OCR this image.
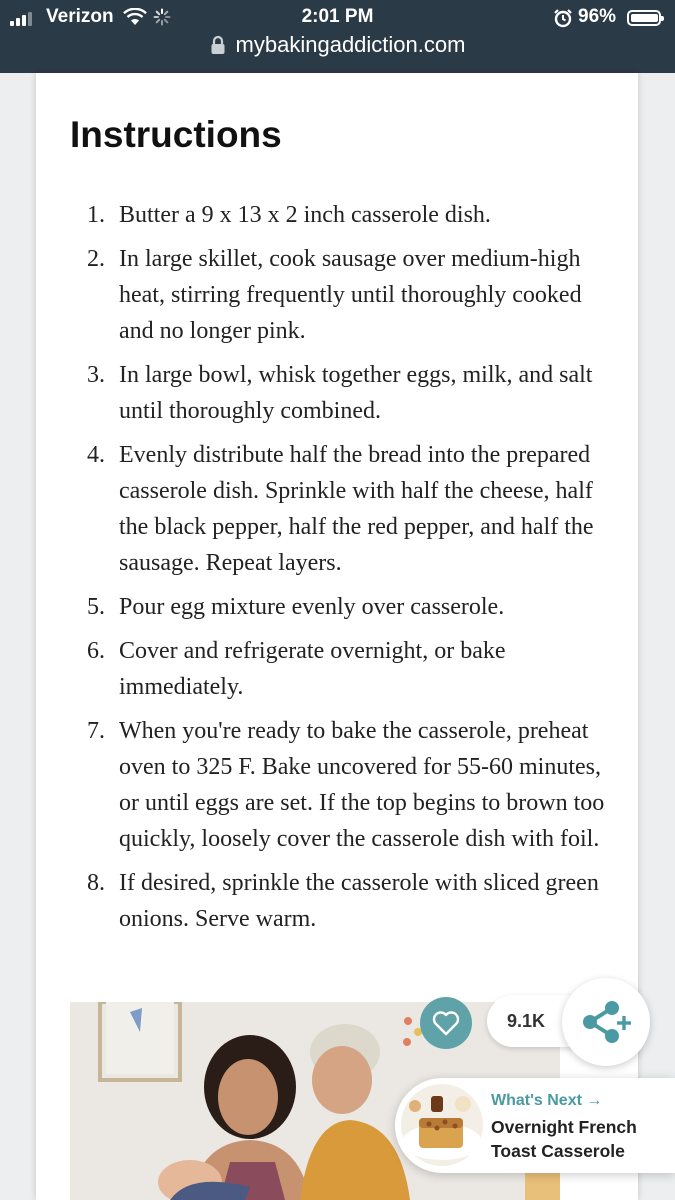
Verizon	2:01 PM	96%
mybakingaddiction.com
Instructions
1. Butter a 9 x 13 x 2 inch casserole dish.
2. In large skillet, cook sausage over medium-high heat, stirring frequently until thoroughly cooked and no longer pink.
3. In large bowl, whisk together eggs, milk, and salt until thoroughly combined.
4. Evenly distribute half the bread into the prepared casserole dish. Sprinkle with half the cheese, half the black pepper, half the red pepper, and half the sausage. Repeat layers.
5. Pour egg mixture evenly over casserole.
6. Cover and refrigerate overnight, or bake immediately.
7. When you're ready to bake the casserole, preheat oven to 325 F. Bake uncovered for 55-60 minutes, or until eggs are set. If the top begins to brown too quickly, loosely cover the casserole dish with foil.
8. If desired, sprinkle the casserole with sliced green onions. Serve warm.
9.1K
What's Next →
Overnight French Toast Casserole
